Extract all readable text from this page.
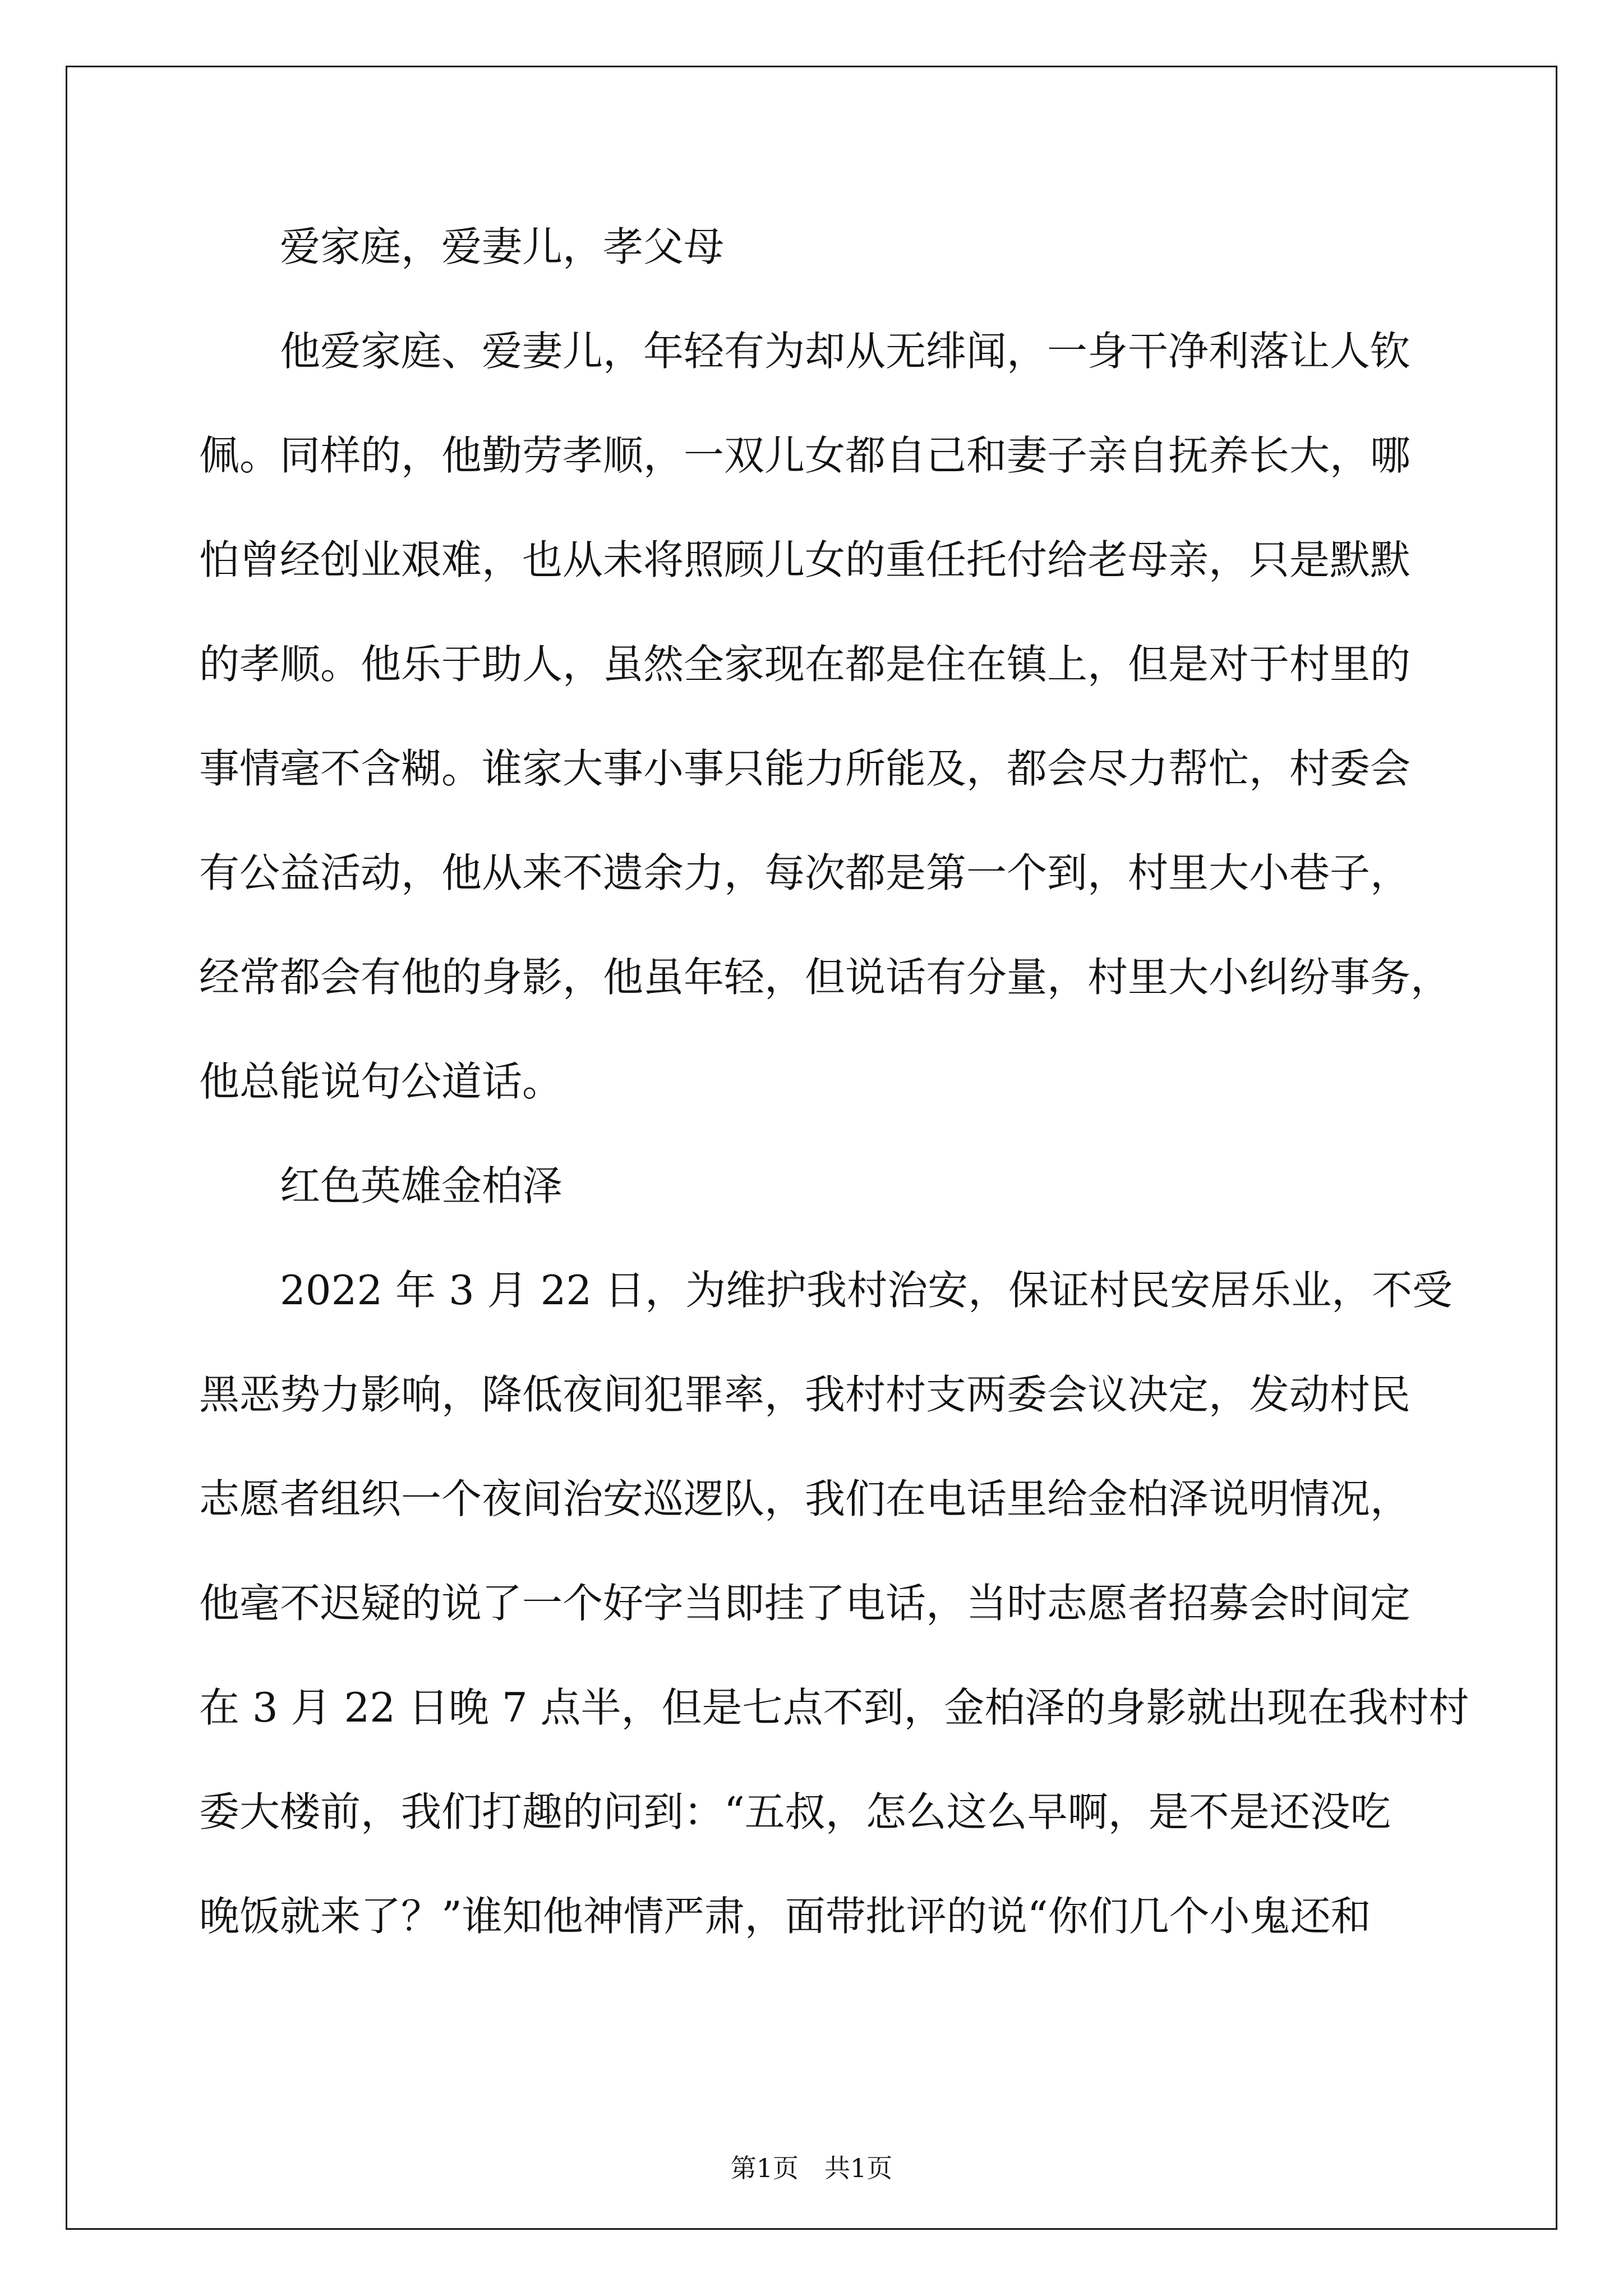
　　爱家庭，爱妻儿，孝父母
　　他爱家庭、爱妻儿，年轻有为却从无绯闻，一身干净利落让人钦
佩。同样的，他勤劳孝顺，一双儿女都自己和妻子亲自抚养长大，哪
怕曾经创业艰难，也从未将照顾儿女的重任托付给老母亲，只是默默
的孝顺。他乐于助人，虽然全家现在都是住在镇上，但是对于村里的
事情毫不含糊。谁家大事小事只能力所能及，都会尽力帮忙，村委会
有公益活动，他从来不遗余力，每次都是第一个到，村里大小巷子，
经常都会有他的身影，他虽年轻，但说话有分量，村里大小纠纷事务，
他总能说句公道话。
　　红色英雄金柏泽
　　2022 年 3 月 22 日，为维护我村治安，保证村民安居乐业，不受
黑恶势力影响，降低夜间犯罪率，我村村支两委会议决定，发动村民
志愿者组织一个夜间治安巡逻队，我们在电话里给金柏泽说明情况，
他毫不迟疑的说了一个好字当即挂了电话，当时志愿者招募会时间定
在 3 月 22 日晚 7 点半，但是七点不到，金柏泽的身影就出现在我村村
委大楼前，我们打趣的问到：“五叔，怎么这么早啊，是不是还没吃
晚饭就来了？”谁知他神情严肃，面带批评的说“你们几个小鬼还和
第1页　共1页
